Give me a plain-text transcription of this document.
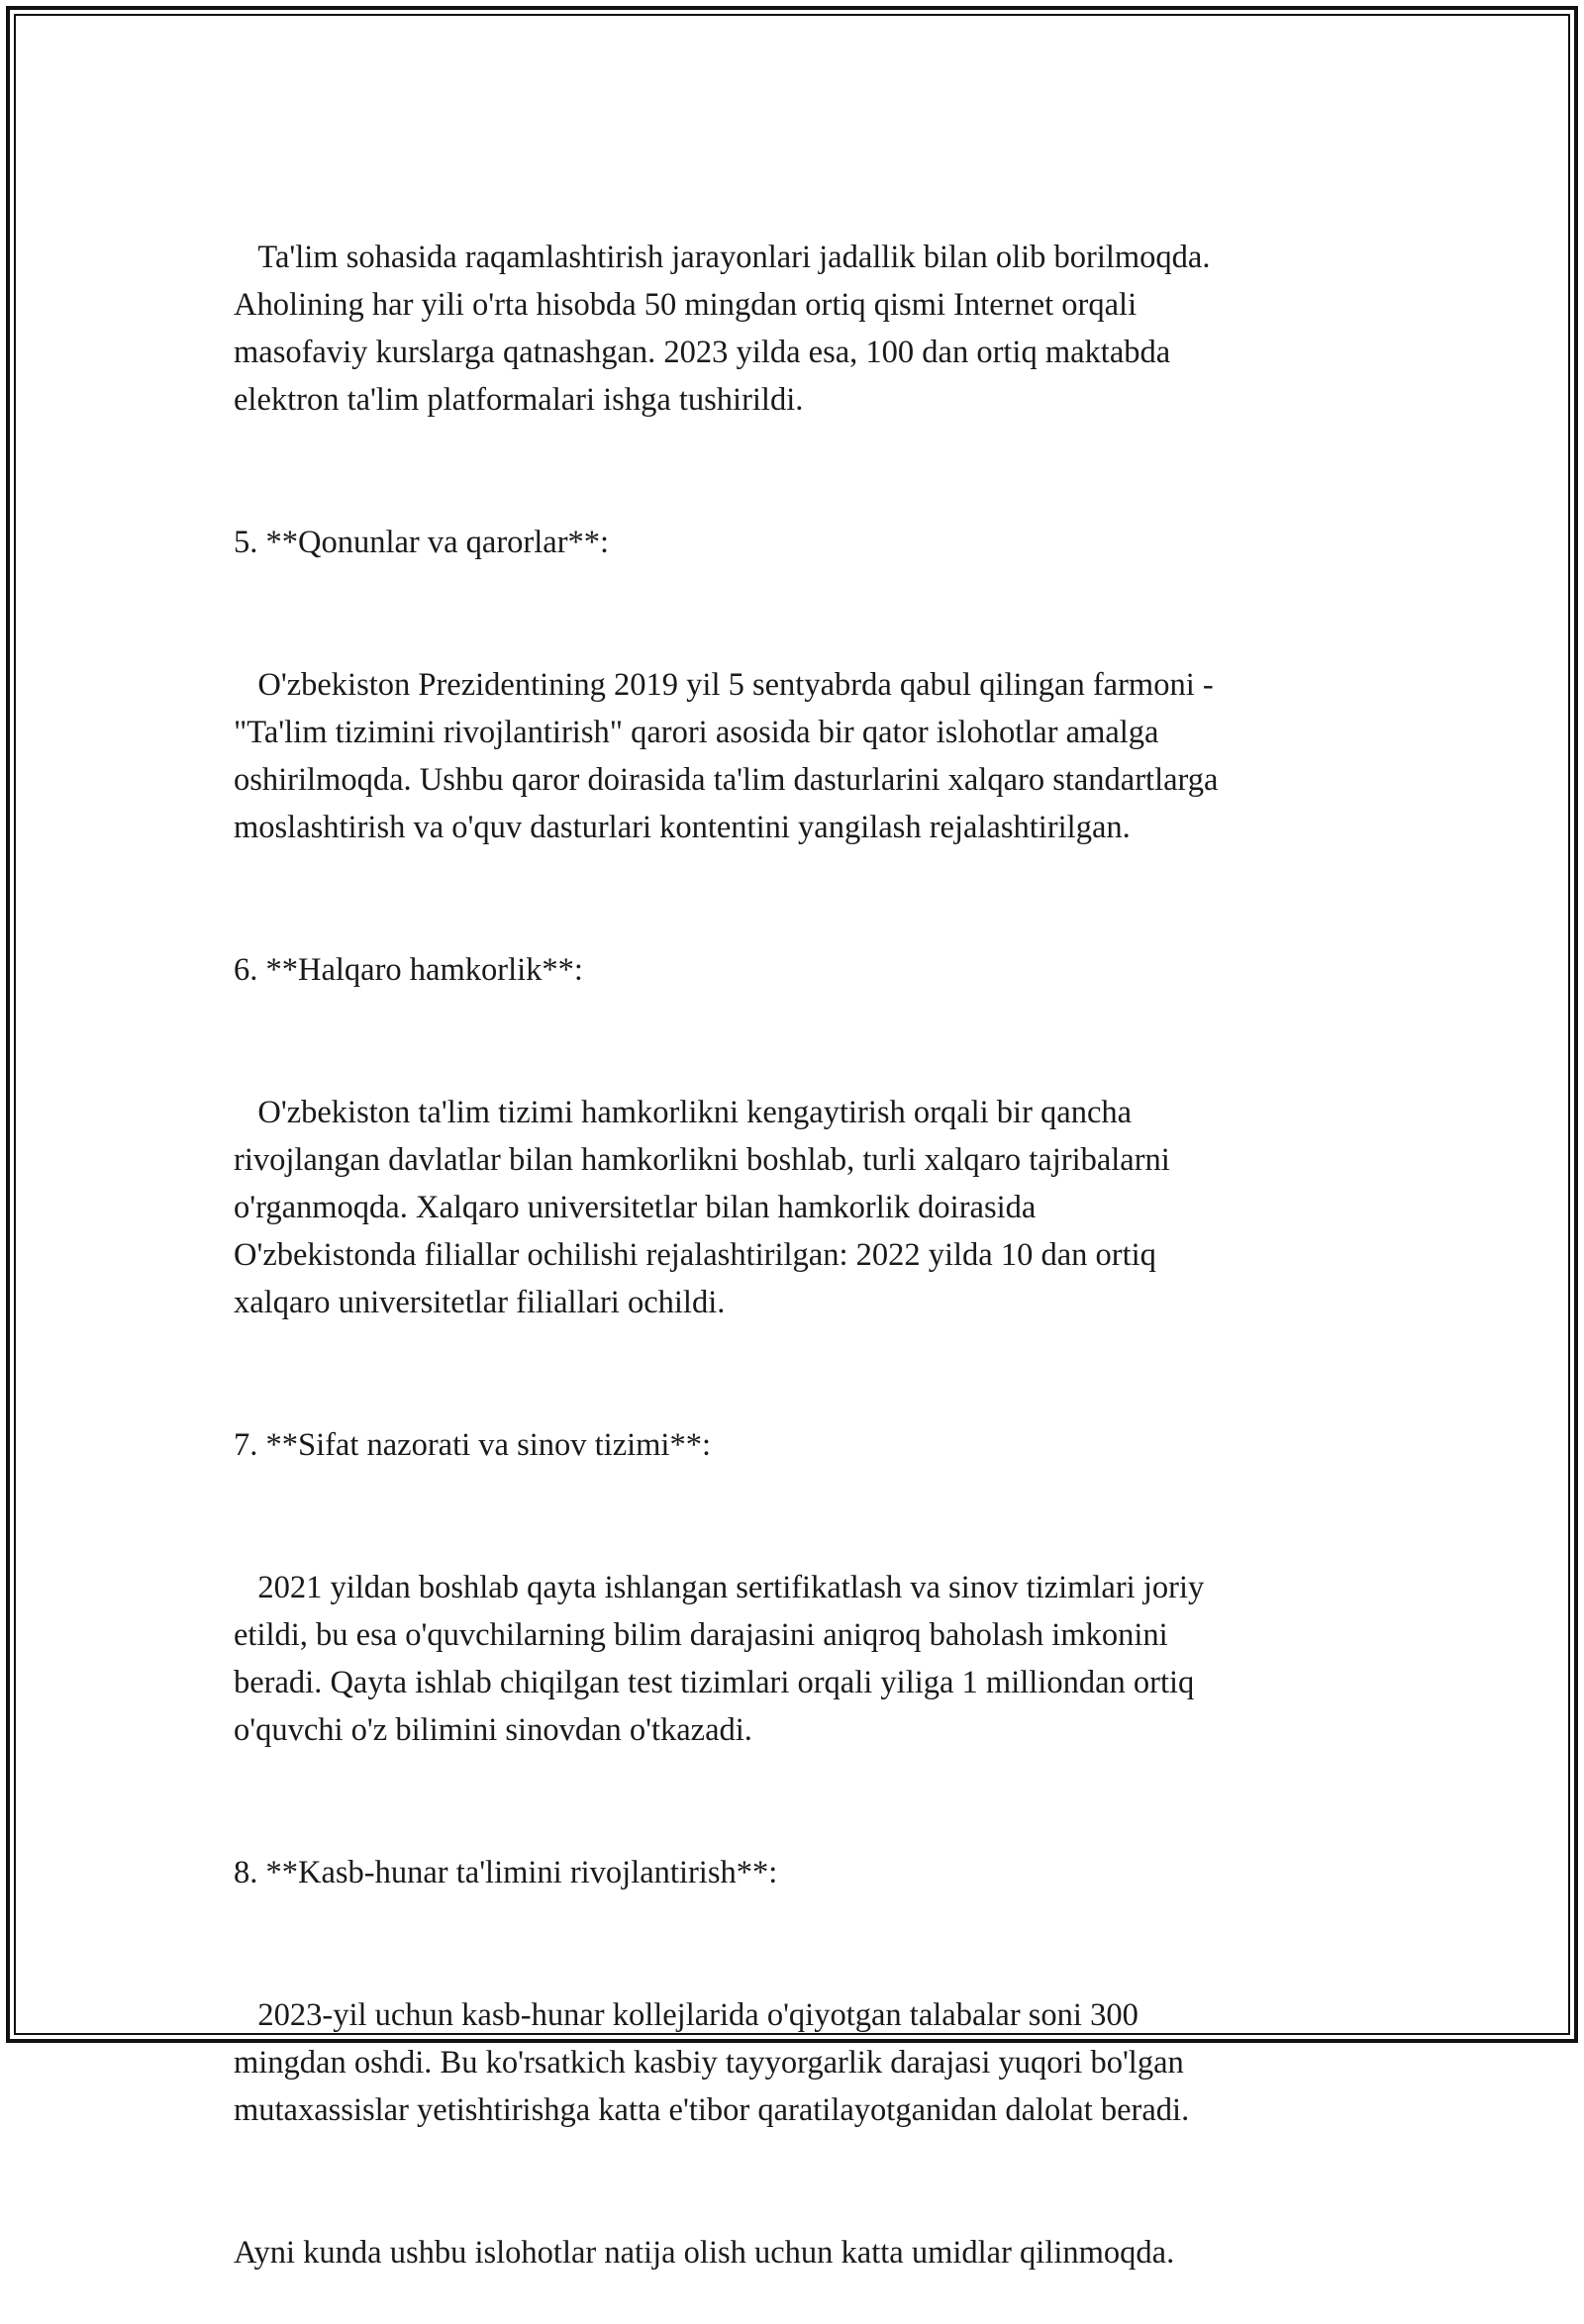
Ta'lim sohasida raqamlashtirish jarayonlari jadallik bilan olib borilmoqda.
Aholining har yili o'rta hisobda 50 mingdan ortiq qismi Internet orqali
masofaviy kurslarga qatnashgan. 2023 yilda esa, 100 dan ortiq maktabda
elektron ta'lim platformalari ishga tushirildi.

5. **Qonunlar va qarorlar**:

O'zbekiston Prezidentining 2019 yil 5 sentyabrda qabul qilingan farmoni -
"Ta'lim tizimini rivojlantirish" qarori asosida bir qator islohotlar amalga
oshirilmoqda. Ushbu qaror doirasida ta'lim dasturlarini xalqaro standartlarga
moslashtirish va o'quv dasturlari kontentini yangilash rejalashtirilgan.

6. **Halqaro hamkorlik**:

O'zbekiston ta'lim tizimi hamkorlikni kengaytirish orqali bir qancha
rivojlangan davlatlar bilan hamkorlikni boshlab, turli xalqaro tajribalarni
o'rganmoqda. Xalqaro universitetlar bilan hamkorlik doirasida
O'zbekistonda filiallar ochilishi rejalashtirilgan: 2022 yilda 10 dan ortiq
xalqaro universitetlar filiallari ochildi.

7. **Sifat nazorati va sinov tizimi**:

2021 yildan boshlab qayta ishlangan sertifikatlash va sinov tizimlari joriy
etildi, bu esa o'quvchilarning bilim darajasini aniqroq baholash imkonini
beradi. Qayta ishlab chiqilgan test tizimlari orqali yiliga 1 milliondan ortiq
o'quvchi o'z bilimini sinovdan o'tkazadi.

8. **Kasb-hunar ta'limini rivojlantirish**:

2023-yil uchun kasb-hunar kollejlarida o'qiyotgan talabalar soni 300
mingdan oshdi. Bu ko'rsatkich kasbiy tayyorgarlik darajasi yuqori bo'lgan
mutaxassislar yetishtirishga katta e'tibor qaratilayotganidan dalolat beradi.

Ayni kunda ushbu islohotlar natija olish uchun katta umidlar qilinmoqda.
